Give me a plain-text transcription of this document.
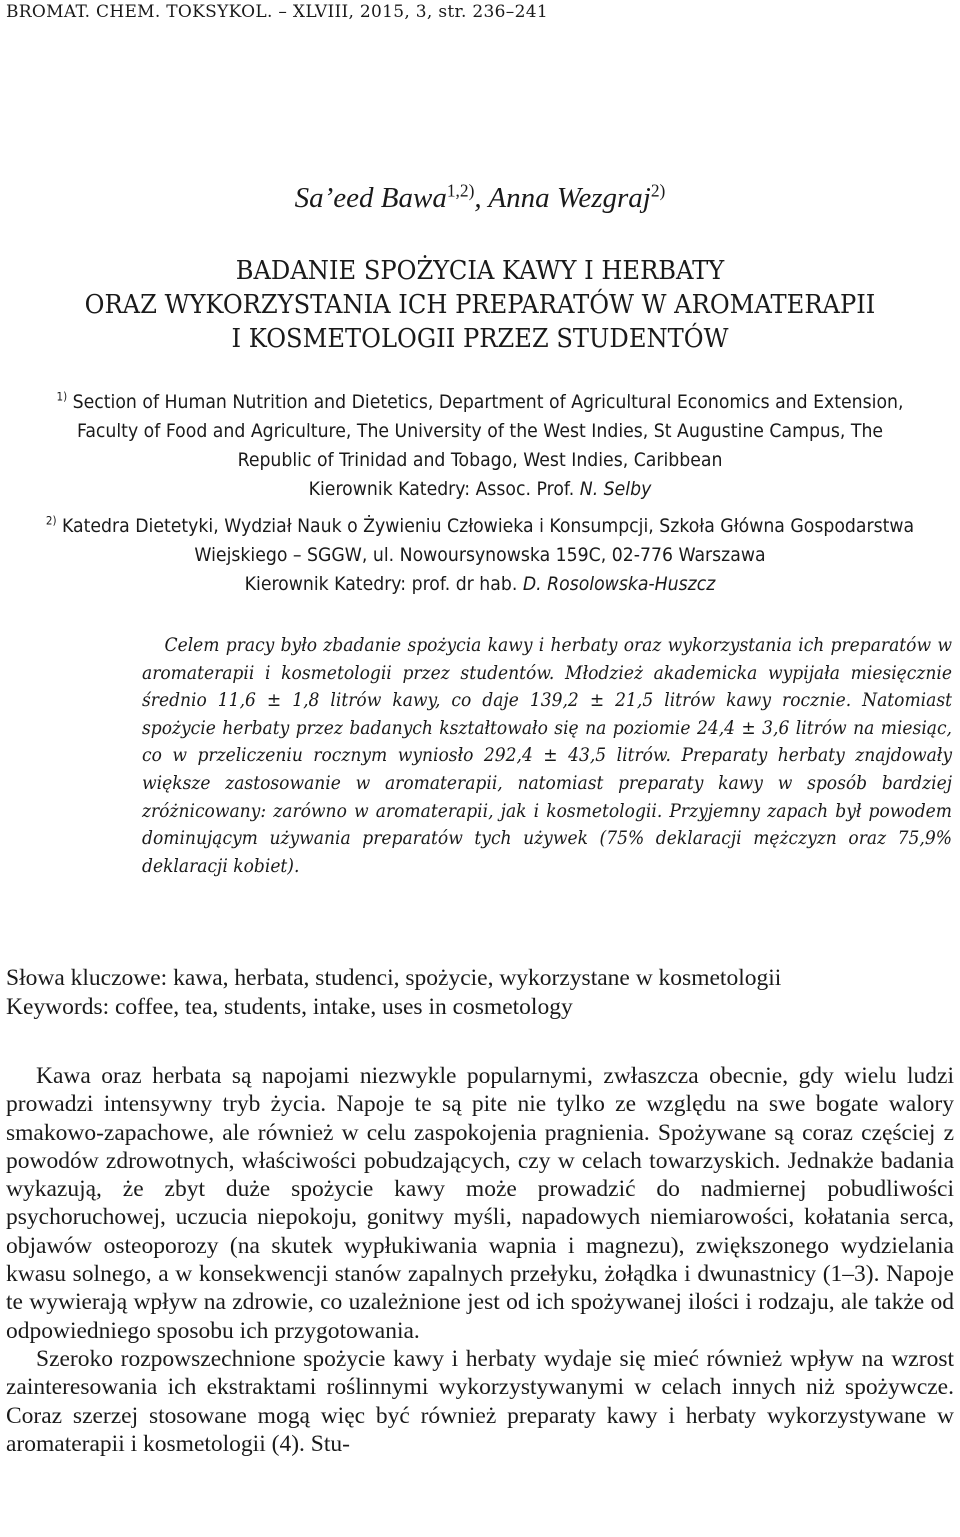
BROMAT. CHEM. TOKSYKOL. – XLVIII, 2015, 3, str. 236–241
Sa’eed Bawa$^{1,2)}$, Anna Wezgraj$^{2)}$
BADANIE SPOŻYCIA KAWY I HERBATY
ORAZ WYKORZYSTANIA ICH PREPARATÓW W AROMATERAPII
I KOSMETOLOGII PRZEZ STUDENTÓW
$^{1)}$ Section of Human Nutrition and Dietetics, Department of Agricultural Economics and Extension, Faculty of Food and Agriculture, The University of the West Indies, St Augustine Campus, The Republic of Trinidad and Tobago, West Indies, Caribbean
Kierownik Katedry: Assoc. Prof. N. Selby
$^{2)}$ Katedra Dietetyki, Wydział Nauk o Żywieniu Człowieka i Konsumpcji, Szkoła Główna Gospodarstwa Wiejskiego – SGGW, ul. Nowoursynowska 159C, 02-776 Warszawa
Kierownik Katedry: prof. dr hab. D. Rosolowska-Huszcz

Celem pracy było zbadanie spożycia kawy i herbaty oraz wykorzystania ich preparatów w aromaterapii i kosmetologii przez studentów. Młodzież akademicka wypijała miesięcznie średnio 11,6 ± 1,8 litrów kawy, co daje 139,2 ± 21,5 litrów kawy rocznie. Natomiast spożycie herbaty przez badanych kształtowało się na poziomie 24,4 ± 3,6 litrów na miesiąc, co w przeliczeniu rocznym wyniosło 292,4 ± 43,5 litrów. Preparaty herbaty znajdowały większe zastosowanie w aromaterapii, natomiast preparaty kawy w sposób bardziej zróżnicowany: zarówno w aromaterapii, jak i kosmetologii. Przyjemny zapach był powodem dominującym używania preparatów tych używek (75% deklaracji mężczyzn oraz 75,9% deklaracji kobiet).

Słowa kluczowe: kawa, herbata, studenci, spożycie, wykorzystane w kosmetologii
Keywords: coffee, tea, students, intake, uses in cosmetology

Kawa oraz herbata są napojami niezwykle popularnymi, zwłaszcza obecnie, gdy wielu ludzi prowadzi intensywny tryb życia. Napoje te są pite nie tylko ze względu na swe bogate walory smakowo-zapachowe, ale również w celu zaspokojenia pragnienia. Spożywane są coraz częściej z powodów zdrowotnych, właściwości pobudzających, czy w celach towarzyskich. Jednakże badania wykazują, że zbyt duże spożycie kawy może prowadzić do nadmiernej pobudliwości psychoruchowej, uczucia niepokoju, gonitwy myśli, napadowych niemiarowości, kołatania serca, objawów osteoporozy (na skutek wypłukiwania wapnia i magnezu), zwiększonego wydzielania kwasu solnego, a w konsekwencji stanów zapalnych przełyku, żołądka i dwunastnicy (1–3). Napoje te wywierają wpływ na zdrowie, co uzależnione jest od ich spożywanej ilości i rodzaju, ale także od odpowiedniego sposobu ich przygotowania.

Szeroko rozpowszechnione spożycie kawy i herbaty wydaje się mieć również wpływ na wzrost zainteresowania ich ekstraktami roślinnymi wykorzystywanymi w celach innych niż spożywcze. Coraz szerzej stosowane mogą więc być również preparaty kawy i herbaty wykorzystywane w aromaterapii i kosmetologii (4). Stu-
